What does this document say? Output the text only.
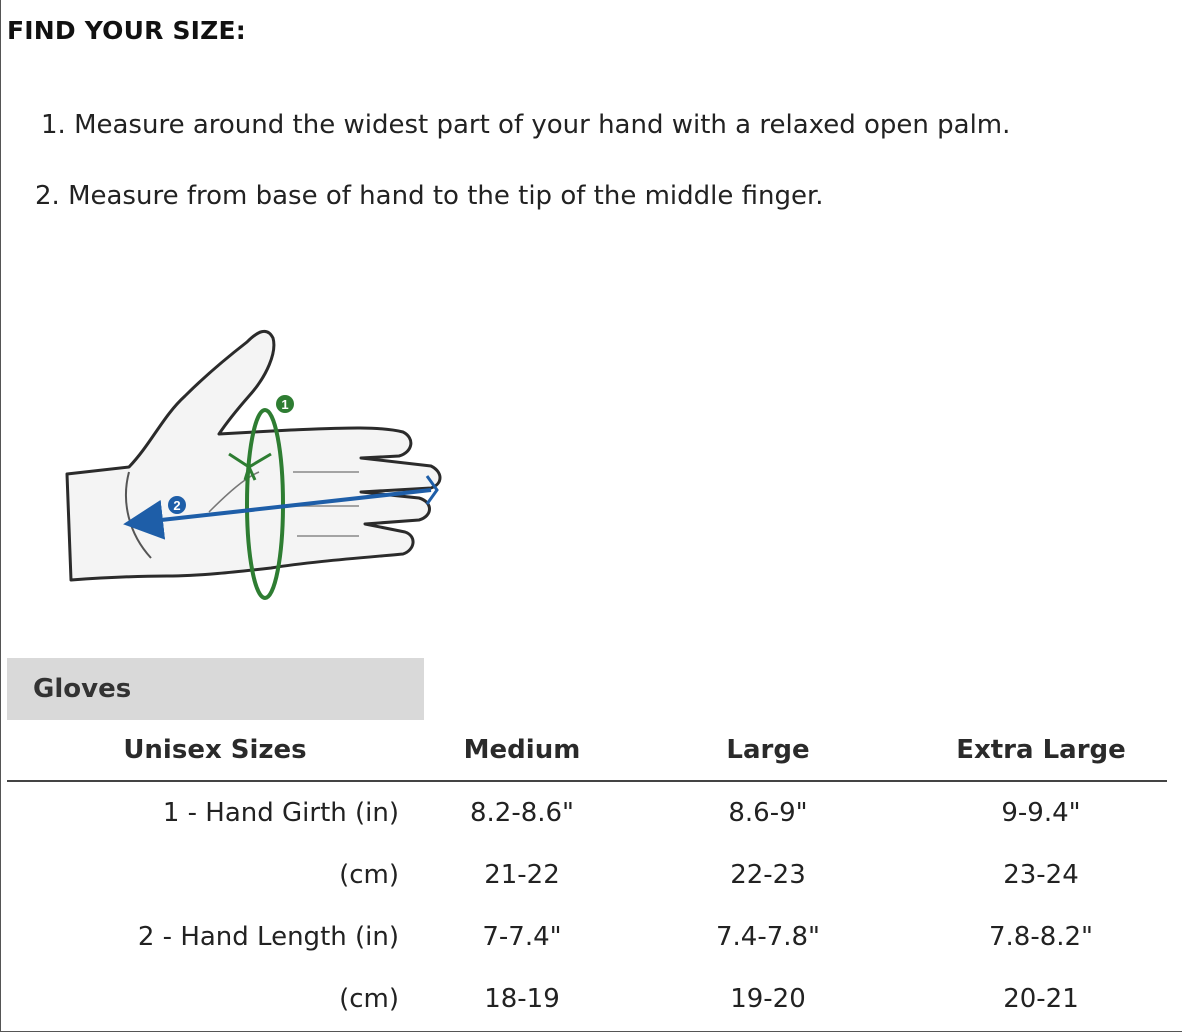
FIND YOUR SIZE:
1. Measure around the widest part of your hand with a relaxed open palm.
2. Measure from base of hand to the tip of the middle finger.
1
2
Gloves
Unisex Sizes	Medium	Large	Extra Large
1 - Hand Girth (in)	8.2-8.6"	8.6-9"	9-9.4"
(cm)	21-22	22-23	23-24
2 - Hand Length (in)	7-7.4"	7.4-7.8"	7.8-8.2"
(cm)	18-19	19-20	20-21
